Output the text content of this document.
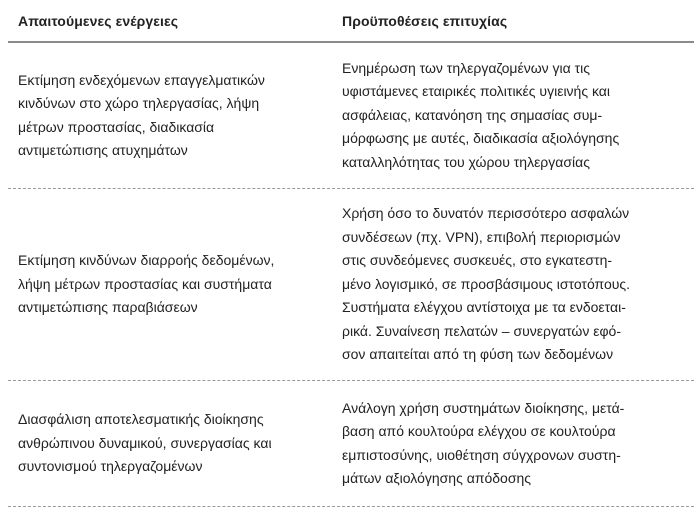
Απαιτούμενες ενέργειες	Προϋποθέσεις επιτυχίας
Εκτίμηση ενδεχόμενων επαγγελματικών
κινδύνων στο χώρο τηλεργασίας, λήψη
μέτρων προστασίας, διαδικασία
αντιμετώπισης ατυχημάτων
Ενημέρωση των τηλεργαζομένων για τις
υφιστάμενες εταιρικές πολιτικές υγιεινής και
ασφάλειας, κατανόηση της σημασίας συμ-
μόρφωσης με αυτές, διαδικασία αξιολόγησης
καταλληλότητας του χώρου τηλεργασίας
Εκτίμηση κινδύνων διαρροής δεδομένων,
λήψη μέτρων προστασίας και συστήματα
αντιμετώπισης παραβιάσεων
Χρήση όσο το δυνατόν περισσότερο ασφαλών
συνδέσεων (πχ. VPN), επιβολή περιορισμών
στις συνδεόμενες συσκευές, στο εγκατεστη-
μένο λογισμικό, σε προσβάσιμους ιστοτόπους.
Συστήματα ελέγχου αντίστοιχα με τα ενδοεται-
ρικά. Συναίνεση πελατών – συνεργατών εφό-
σον απαιτείται από τη φύση των δεδομένων
Διασφάλιση αποτελεσματικής διοίκησης
ανθρώπινου δυναμικού, συνεργασίας και
συντονισμού τηλεργαζομένων
Ανάλογη χρήση συστημάτων διοίκησης, μετά-
βαση από κουλτούρα ελέγχου σε κουλτούρα
εμπιστοσύνης, υιοθέτηση σύγχρονων συστη-
μάτων αξιολόγησης απόδοσης
